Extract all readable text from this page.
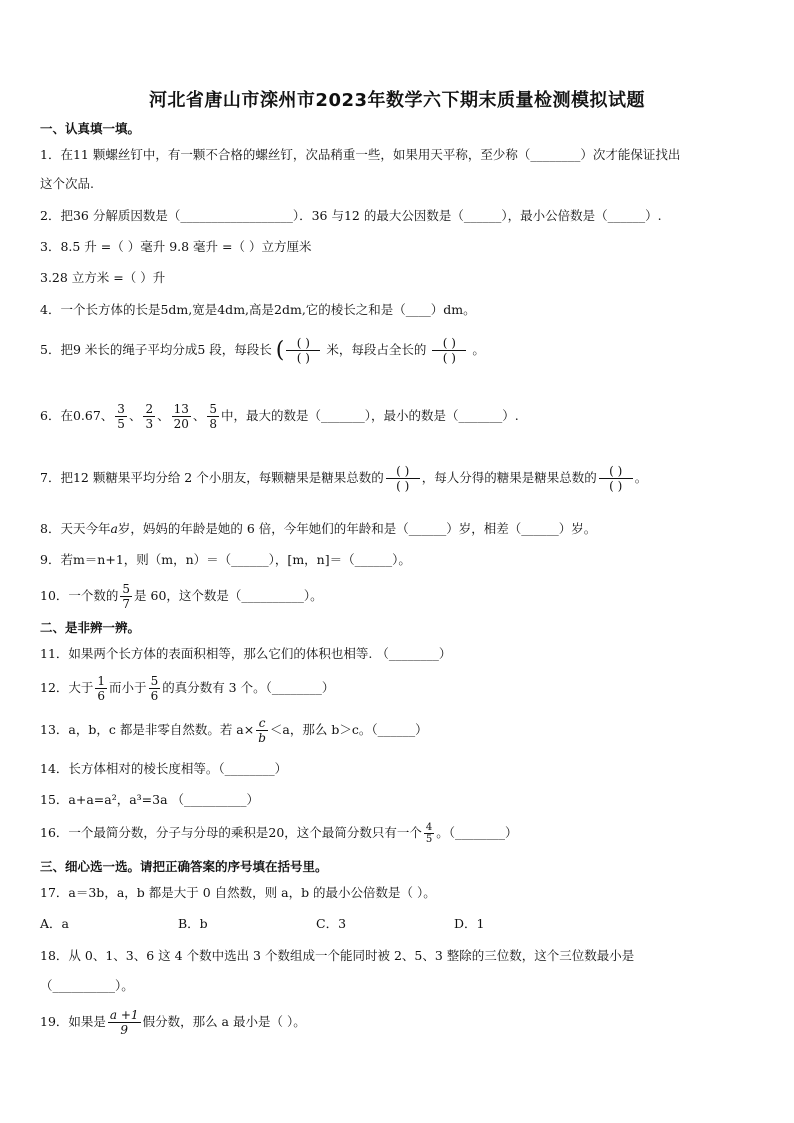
河北省唐山市滦州市2023年数学六下期末质量检测模拟试题
一、认真填一填。
1．在11 颗螺丝钉中，有一颗不合格的螺丝钉，次品稍重一些，如果用天平称，至少称（________）次才能保证找出
这个次品.
2．把36 分解质因数是（__________________）．36 与12 的最大公因数是（______），最小公倍数是（______）.
3．8.5 升 =（ ）毫升 9.8 毫升 =（ ）立方厘米
3.28 立方米 =（ ）升
4．一个长方体的长是5dm,宽是4dm,高是2dm,它的棱长之和是（____）dm。
5．把9 米长的绳子平均分成5 段，每段长 ( $\frac{( )}{( )}$ 米，每段占全长的 $\frac{( )}{( )}$ 。
6．在0.67、 $\frac{3}{5}$ 、 $\frac{2}{3}$ 、 $\frac{13}{20}$ 、 $\frac{5}{8}$ 中，最大的数是（_______），最小的数是（_______）.
7．把12 颗糖果平均分给 2 个小朋友，每颗糖果是糖果总数的 $\frac{( )}{( )}$ ，每人分得的糖果是糖果总数的 $\frac{( )}{( )}$ 。
8．天天今年a岁，妈妈的年龄是她的 6 倍，今年她们的年龄和是（______）岁，相差（______）岁。
9．若m＝n+1，则（m，n）＝（______），[m，n]＝（______）。
10．一个数的 $\frac{5}{7}$ 是 60，这个数是（__________）。
二、是非辨一辨。
11．如果两个长方体的表面积相等，那么它们的体积也相等. （________）
12．大于 $\frac{1}{6}$ 而小于 $\frac{5}{6}$ 的真分数有 3 个。（________）
13．a，b，c 都是非零自然数。若 $a\times \frac{c}{b} <a$，那么 b＞c。（______）
14．长方体相对的棱长度相等。（________）
15．a+a=a²，a³=3a （__________）
16．一个最简分数，分子与分母的乘积是20，这个最简分数只有一个 $\frac{4}{5}$ 。（________）
三、细心选一选。请把正确答案的序号填在括号里。
17．a＝3b，a，b 都是大于 0 自然数，则 a，b 的最小公倍数是（ ）。
A．a	B．b	C．3	D．1
18．从 0、1、3、6 这 4 个数中选出 3 个数组成一个能同时被 2、5、3 整除的三位数，这个三位数最小是
（__________）。
19．如果是 $\frac{a +1}{9}$ 假分数，那么 a 最小是（ ）。
